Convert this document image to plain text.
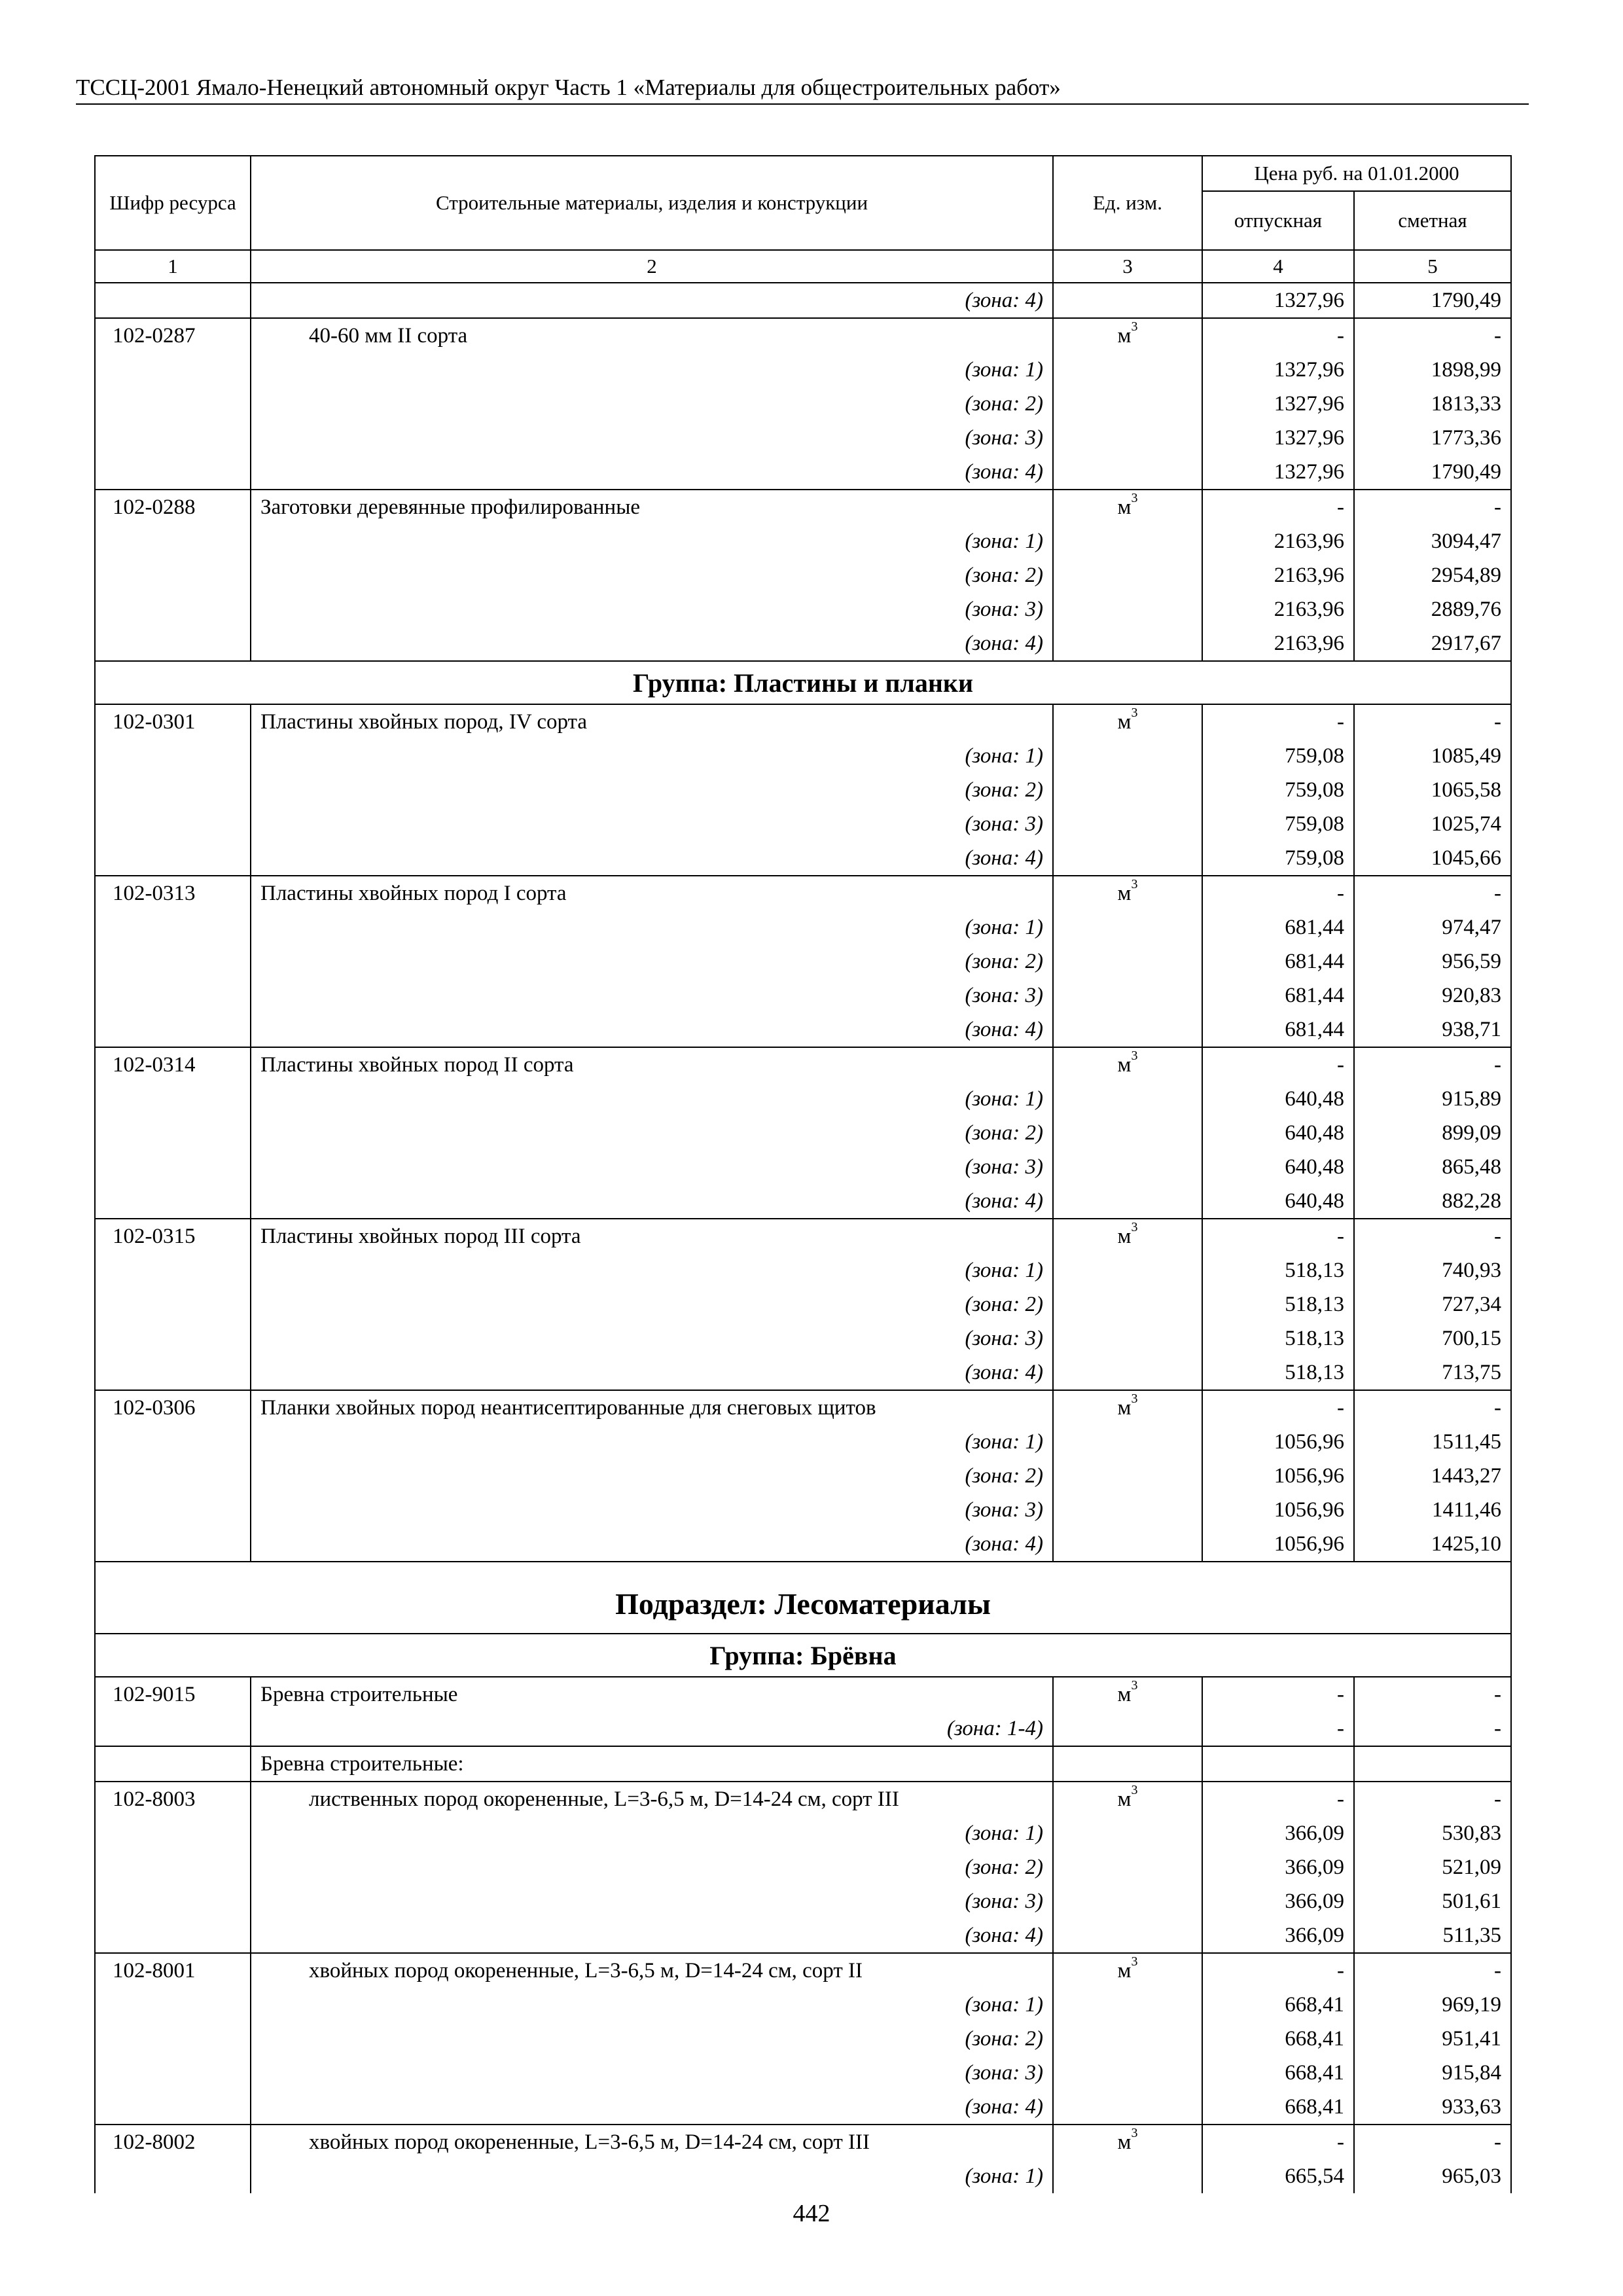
ТССЦ-2001 Ямало-Ненецкий автономный округ Часть 1 «Материалы для общестроительных работ»
Шифр ресурса	Строительные материалы, изделия и конструкции	Ед. изм.	Цена руб. на 01.01.2000	
			отпускная	сметная
1	2	3	4	5
	(зона: 4)		1327,96	1790,49
102-0287	40-60 мм II сорта	$м^3$	-	-
	(зона: 1)		1327,96	1898,99
	(зона: 2)		1327,96	1813,33
	(зона: 3)		1327,96	1773,36
	(зона: 4)		1327,96	1790,49
102-0288	Заготовки деревянные профилированные	$м^3$	-	-
	(зона: 1)		2163,96	3094,47
	(зона: 2)		2163,96	2954,89
	(зона: 3)		2163,96	2889,76
	(зона: 4)		2163,96	2917,67
Группа: Пластины и планки				
102-0301	Пластины хвойных пород, IV сорта	$м^3$	-	-
	(зона: 1)		759,08	1085,49
	(зона: 2)		759,08	1065,58
	(зона: 3)		759,08	1025,74
	(зона: 4)		759,08	1045,66
102-0313	Пластины хвойных пород I сорта	$м^3$	-	-
	(зона: 1)		681,44	974,47
	(зона: 2)		681,44	956,59
	(зона: 3)		681,44	920,83
	(зона: 4)		681,44	938,71
102-0314	Пластины хвойных пород II сорта	$м^3$	-	-
	(зона: 1)		640,48	915,89
	(зона: 2)		640,48	899,09
	(зона: 3)		640,48	865,48
	(зона: 4)		640,48	882,28
102-0315	Пластины хвойных пород III сорта	$м^3$	-	-
	(зона: 1)		518,13	740,93
	(зона: 2)		518,13	727,34
	(зона: 3)		518,13	700,15
	(зона: 4)		518,13	713,75
102-0306	Планки хвойных пород неантисептированные для снеговых щитов	$м^3$	-	-
	(зона: 1)		1056,96	1511,45
	(зона: 2)		1056,96	1443,27
	(зона: 3)		1056,96	1411,46
	(зона: 4)		1056,96	1425,10
Подраздел: Лесоматериалы				
Группа: Брёвна				
102-9015	Бревна строительные	$м^3$	-	-
	(зона: 1-4)		-	-
	Бревна строительные:			
102-8003	лиственных пород окорененные, L=3-6,5 м, D=14-24 см, сорт III	$м^3$	-	-
	(зона: 1)		366,09	530,83
	(зона: 2)		366,09	521,09
	(зона: 3)		366,09	501,61
	(зона: 4)		366,09	511,35
102-8001	хвойных пород окорененные, L=3-6,5 м, D=14-24 см, сорт II	$м^3$	-	-
	(зона: 1)		668,41	969,19
	(зона: 2)		668,41	951,41
	(зона: 3)		668,41	915,84
	(зона: 4)		668,41	933,63
102-8002	хвойных пород окорененные, L=3-6,5 м, D=14-24 см, сорт III	$м^3$	-	-
	(зона: 1)		665,54	965,03
442
